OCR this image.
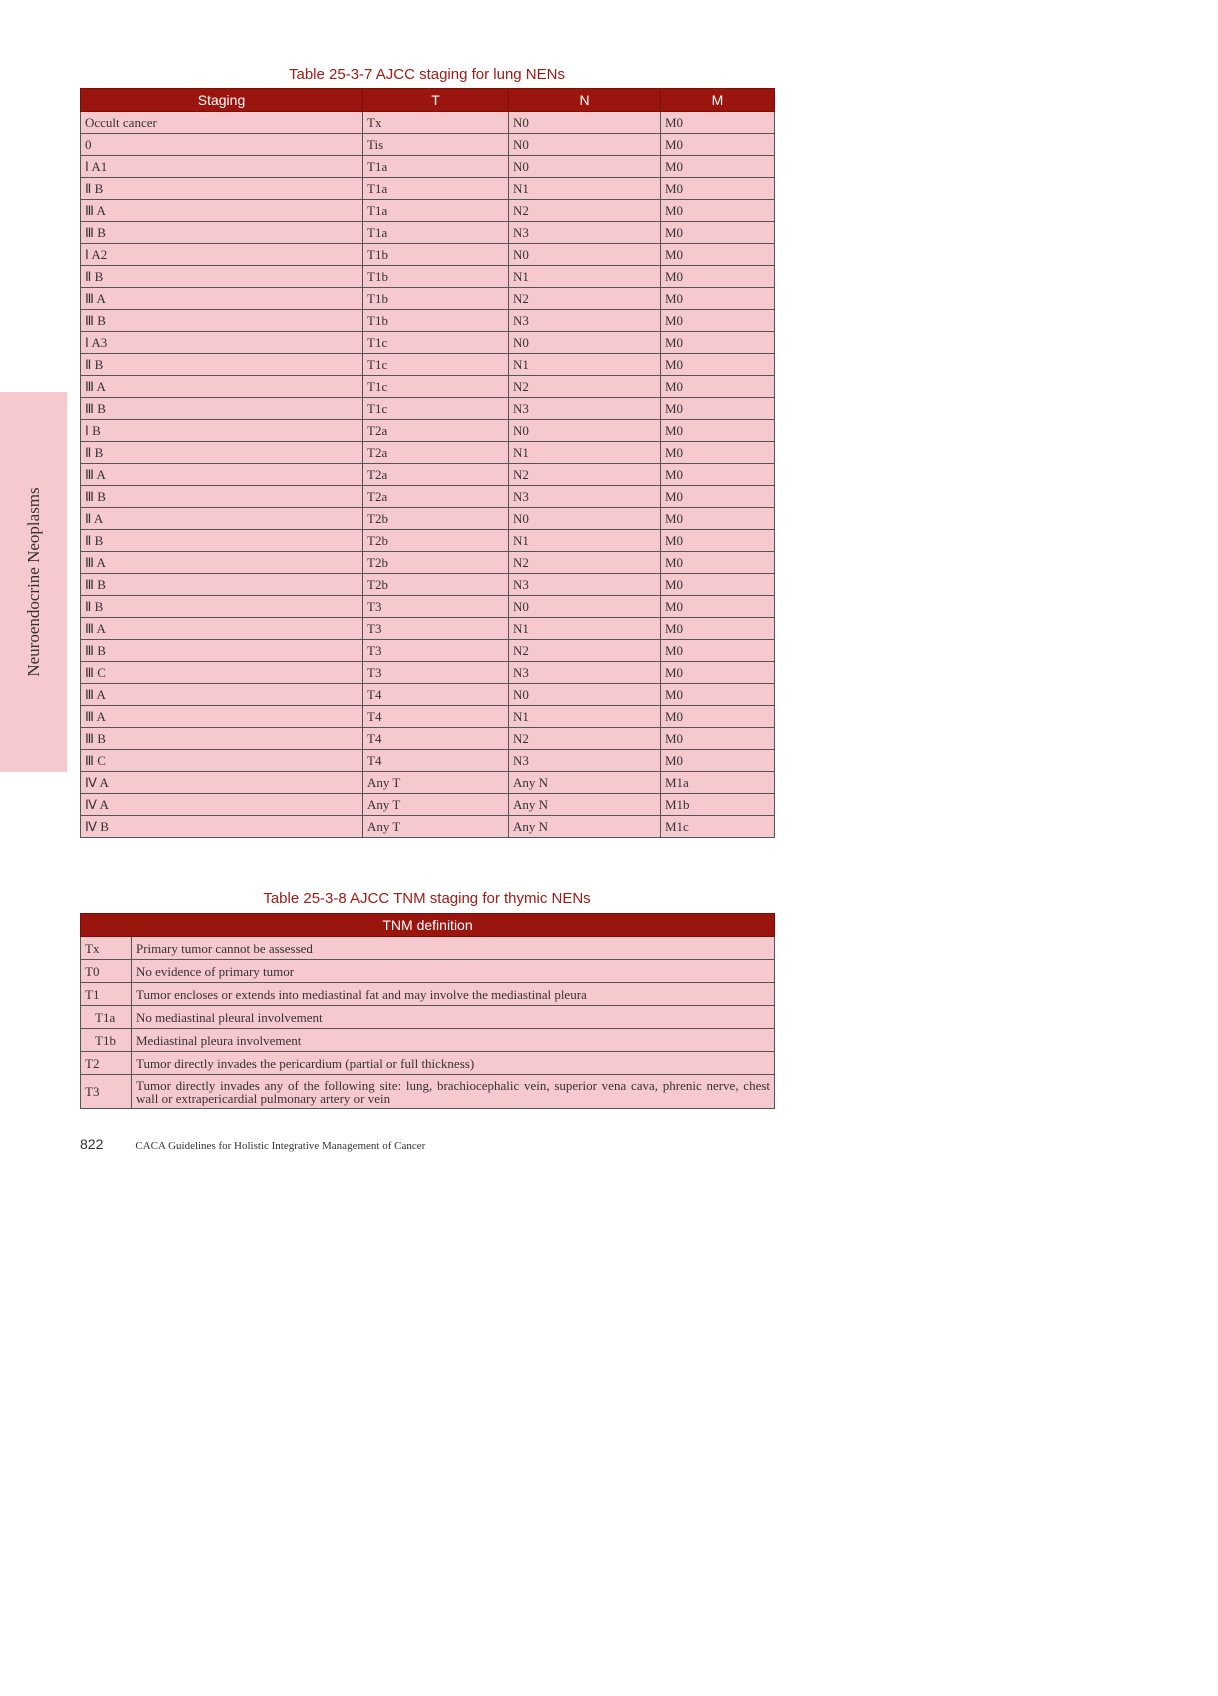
Neuroendocrine Neoplasms
Table 25-3-7 AJCC staging for lung NENs
Staging	T	N	M
Occult cancer	Tx	N0	M0
0	Tis	N0	M0
Ⅰ A1	T1a	N0	M0
Ⅱ B	T1a	N1	M0
Ⅲ A	T1a	N2	M0
Ⅲ B	T1a	N3	M0
Ⅰ A2	T1b	N0	M0
Ⅱ B	T1b	N1	M0
Ⅲ A	T1b	N2	M0
Ⅲ B	T1b	N3	M0
Ⅰ A3	T1c	N0	M0
Ⅱ B	T1c	N1	M0
Ⅲ A	T1c	N2	M0
Ⅲ B	T1c	N3	M0
Ⅰ B	T2a	N0	M0
Ⅱ B	T2a	N1	M0
Ⅲ A	T2a	N2	M0
Ⅲ B	T2a	N3	M0
Ⅱ A	T2b	N0	M0
Ⅱ B	T2b	N1	M0
Ⅲ A	T2b	N2	M0
Ⅲ B	T2b	N3	M0
Ⅱ B	T3	N0	M0
Ⅲ A	T3	N1	M0
Ⅲ B	T3	N2	M0
Ⅲ C	T3	N3	M0
Ⅲ A	T4	N0	M0
Ⅲ A	T4	N1	M0
Ⅲ B	T4	N2	M0
Ⅲ C	T4	N3	M0
Ⅳ A	Any T	Any N	M1a
Ⅳ A	Any T	Any N	M1b
Ⅳ B	Any T	Any N	M1c
Table 25-3-8 AJCC TNM staging for thymic NENs
TNM definition	
Tx	Primary tumor cannot be assessed
T0	No evidence of primary tumor
T1	Tumor encloses or extends into mediastinal fat and may involve the mediastinal pleura
T1a	No mediastinal pleural involvement
T1b	Mediastinal pleura involvement
T2	Tumor directly invades the pericardium (partial or full thickness)
T3	Tumor directly invades any of the following site: lung, brachiocephalic vein, superior vena cava, phrenic nerve, chest wall or extrapericardial pulmonary artery or vein
822	CACA Guidelines for Holistic Integrative Management of Cancer
